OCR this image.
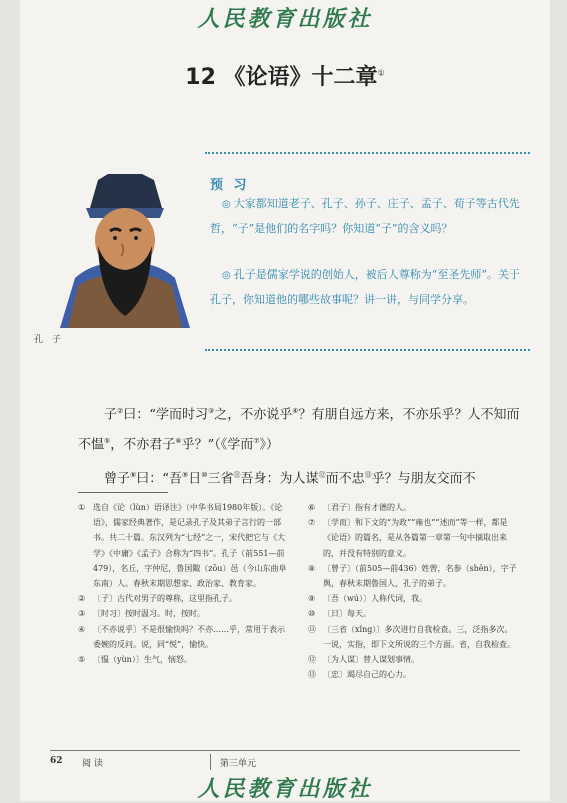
人民教育出版社
12 《论语》十二章①
孔 子
预 习

◎ 大家都知道老子、孔子、孙子、庄子、孟子、荀子等古代先哲，“子”是他们的名字吗？你知道“子”的含义吗？

◎ 孔子是儒家学说的创始人，被后人尊称为“至圣先师”。关于孔子，你知道他的哪些故事呢？讲一讲，与同学分享。

子②曰：“学而时习③之，不亦说乎④？有朋自远方来，不亦乐乎？人不知而不愠⑤，不亦君子⑥乎？”（《学而⑦》）

曾子⑧曰：“吾⑨日⑩三省⑪吾身：为人谋⑫而不忠⑬乎？与朋友交而不

① 选自《论（lùn）语译注》（中华书局1980年版）。《论语》，儒家经典著作，是记录孔子及其弟子言行的一部书。共二十篇。东汉列为“七经”之一，宋代把它与《大学》《中庸》《孟子》合称为“四书”。孔子（前551—前479），名丘，字仲尼，鲁国陬（zōu）邑（今山东曲阜东南）人。春秋末期思想家、政治家、教育家。
② 〔子〕古代对男子的尊称，这里指孔子。
③ 〔时习〕按时温习。时，按时。
④ 〔不亦说乎〕不是很愉快吗？不亦……乎，常用于表示委婉的反问。说，同“悦”，愉快。
⑤ 〔愠（yùn）〕生气，恼怒。
⑥ 〔君子〕指有才德的人。
⑦ 〔学而〕和下文的“为政”“雍也”“述而”等一样，都是《论语》的篇名，是从各篇第一章第一句中摘取出来的，并没有特别的意义。
⑧ 〔曾子〕（前505—前436）姓曾，名参（shēn），字子舆，春秋末期鲁国人，孔子的弟子。
⑨ 〔吾（wú）〕人称代词，我。
⑩ 〔日〕每天。
⑪ 〔三省（xǐng）〕多次进行自我检查。三，泛指多次。一说，实指，即下文所说的三个方面。省，自我检查。
⑫ 〔为人谋〕替人谋划事情。
⑬ 〔忠〕竭尽自己的心力。
62 阅 读	第三单元
人民教育出版社
